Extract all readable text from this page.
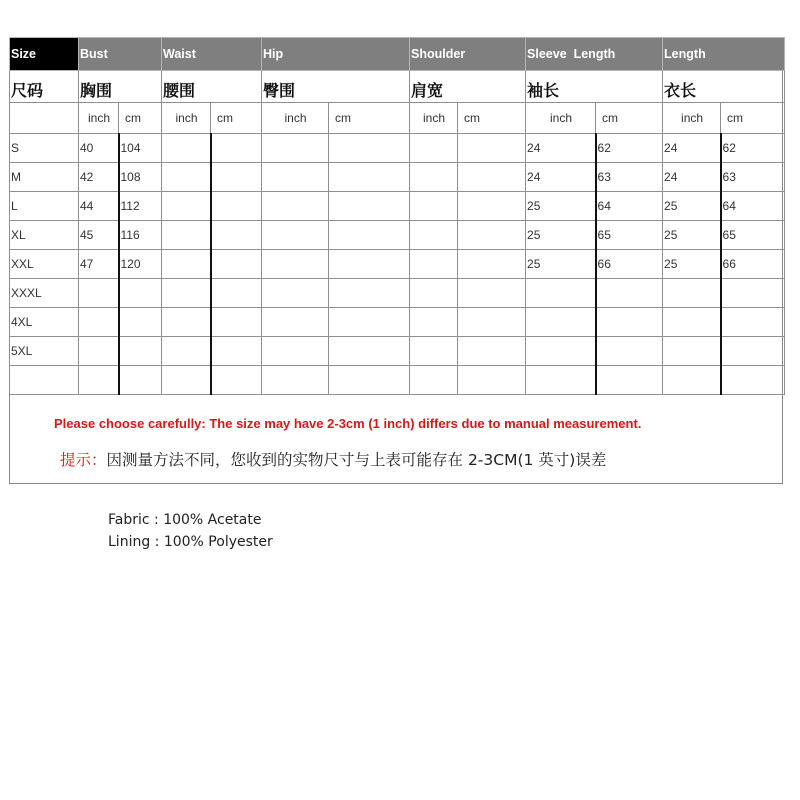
Size	Bust		Waist		Hip		Shoulder		Sleeve  Length		Length	
尺码	胸围		腰围		臀围		肩宽		袖长		衣长	
	inch	cm	inch	cm	inch	cm	inch	cm	inch	cm	inch	cm
S	40	104							24	62	24	62
M	42	108							24	63	24	63
L	44	112							25	64	25	64
XL	45	116							25	65	25	65
XXL	47	120							25	66	25	66
XXXL												
4XL												
5XL												

Please choose carefully: The size may have 2-3cm (1 inch) differs due to manual measurement.
提示：因测量方法不同，您收到的实物尺寸与上表可能存在 2-3CM(1 英寸)误差
Fabric : 100% Acetate
Lining : 100% Polyester
